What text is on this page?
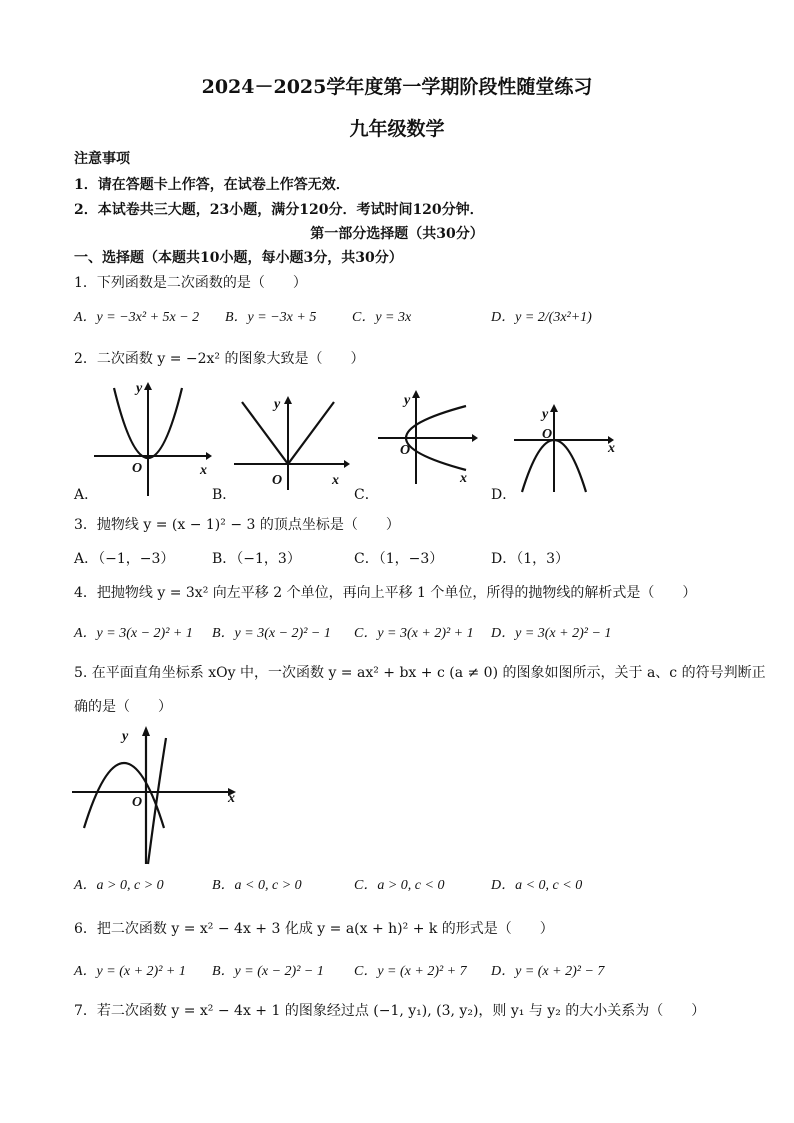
2024－2025学年度第一学期阶段性随堂练习
九年级数学
注意事项
1．请在答题卡上作答，在试卷上作答无效．
2．本试卷共三大题，23小题，满分120分．考试时间120分钟．
第一部分选择题（共30分）
一、选择题（本题共10小题，每小题3分，共30分）
1．下列函数是二次函数的是（　　）
A．y = −3x² + 5x − 2 B．y = −3x + 5	C．y = 3x	D．y = 2/(3x²+1)
2．二次函数 y = −2x² 的图象大致是（　　）
y
x
O
A．
y
x
O
B．
y
x
O
C．
y
x
O
D．
3．抛物线 y = (x − 1)² − 3 的顶点坐标是（　　）
A．（−1，−3）	B．（−1，3）	C．（1，−3）	D．（1，3）
4．把抛物线 y = 3x² 向左平移 2 个单位，再向上平移 1 个单位，所得的抛物线的解析式是（　　）
A．y = 3(x − 2)² + 1 B．y = 3(x − 2)² − 1 C．y = 3(x + 2)² + 1 D．y = 3(x + 2)² − 1
5. 在平面直角坐标系 xOy 中，一次函数 y = ax² + bx + c (a ≠ 0) 的图象如图所示，关于 a、c 的符号判断正
确的是（　　）
y
x
O
A．a > 0, c > 0	B．a < 0, c > 0	C．a > 0, c < 0	D．a < 0, c < 0
6．把二次函数 y = x² − 4x + 3 化成 y = a(x + h)² + k 的形式是（　　）
A．y = (x + 2)² + 1 B．y = (x − 2)² − 1 C．y = (x + 2)² + 7 D．y = (x + 2)² − 7
7．若二次函数 y = x² − 4x + 1 的图象经过点 (−1, y₁), (3, y₂)，则 y₁ 与 y₂ 的大小关系为（　　）
